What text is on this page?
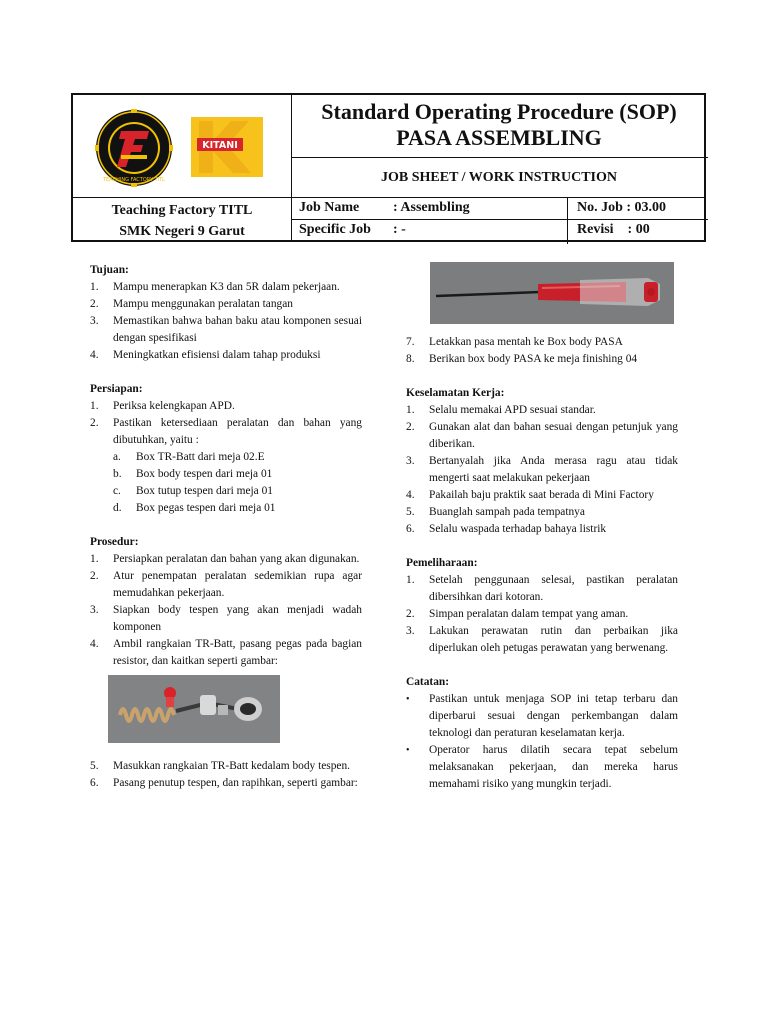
TEACHING FACTORY TITL
KITANI
Standard Operating Procedure (SOP)
PASA ASSEMBLING
JOB SHEET / WORK INSTRUCTION
Teaching Factory TITL
SMK Negeri 9 Garut
Job Name : Assembling
Specific Job : -
No. Job : 03.00
Revisi    : 00
Tujuan:
1.	Mampu menerapkan K3 dan 5R dalam pekerjaan.
2.	Mampu menggunakan peralatan tangan
3.	Memastikan bahwa bahan baku atau komponen sesuai dengan spesifikasi
4.	Meningkatkan efisiensi dalam tahap produksi
Persiapan:
1.	Periksa kelengkapan APD.
2.	Pastikan ketersediaan peralatan dan bahan yang dibutuhkan, yaitu :
a.	Box TR-Batt dari meja 02.E
b.	Box body tespen dari meja 01
c.	Box tutup tespen dari meja 01
d.	Box pegas tespen dari meja 01
Prosedur:
1.	Persiapkan peralatan dan bahan yang akan digunakan.
2.	Atur penempatan peralatan sedemikian rupa agar memudahkan pekerjaan.
3.	Siapkan body tespen yang akan menjadi wadah komponen
4.	Ambil rangkaian TR-Batt, pasang pegas pada bagian resistor, dan kaitkan seperti gambar:
5.	Masukkan rangkaian TR-Batt kedalam body tespen.
6.	Pasang penutup tespen, dan rapihkan, seperti gambar:
7.	Letakkan pasa mentah ke Box body PASA
8.	Berikan box body PASA ke meja finishing 04
Keselamatan Kerja:
1.	Selalu memakai APD sesuai standar.
2.	Gunakan alat dan bahan sesuai dengan petunjuk yang diberikan.
3.	Bertanyalah jika Anda merasa ragu atau tidak mengerti saat melakukan pekerjaan
4.	Pakailah baju praktik saat berada di Mini Factory
5.	Buanglah sampah pada tempatnya
6.	Selalu waspada terhadap bahaya listrik
Pemeliharaan:
1.	Setelah penggunaan selesai, pastikan peralatan dibersihkan dari kotoran.
2.	Simpan peralatan dalam tempat yang aman.
3.	Lakukan perawatan rutin dan perbaikan jika diperlukan oleh petugas perawatan yang berwenang.
Catatan:
•	Pastikan untuk menjaga SOP ini tetap terbaru dan diperbarui sesuai dengan perkembangan dalam teknologi dan peraturan keselamatan kerja.
•	Operator harus dilatih secara tepat sebelum melaksanakan pekerjaan, dan mereka harus memahami risiko yang mungkin terjadi.
